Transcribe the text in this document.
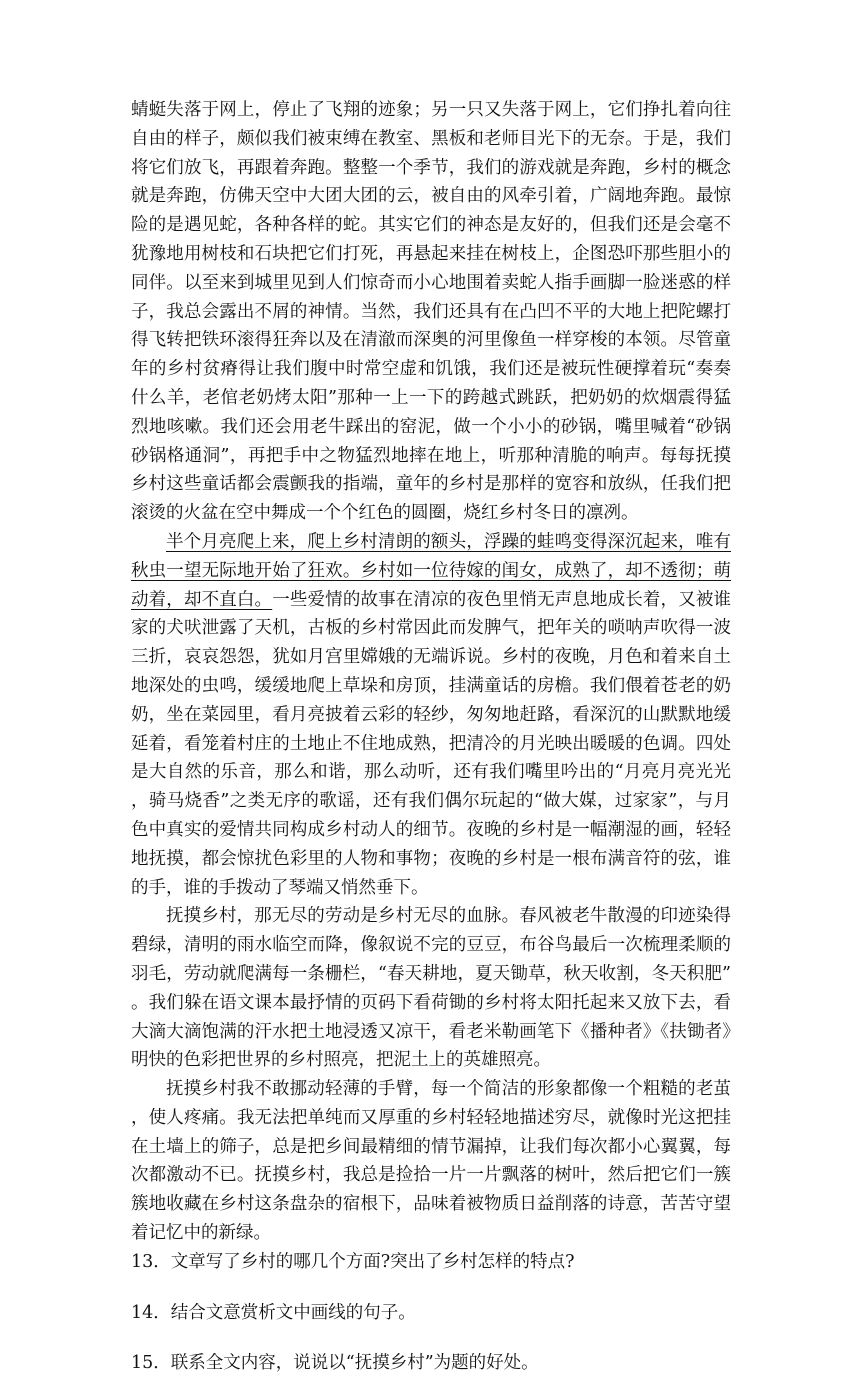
蜻蜓失落于网上，停止了飞翔的迹象；另一只又失落于网上，它们挣扎着向往自由的样子，颇似我们被束缚在教室、黑板和老师目光下的无奈。于是，我们将它们放飞，再跟着奔跑。整整一个季节，我们的游戏就是奔跑，乡村的概念就是奔跑，仿佛天空中大团大团的云，被自由的风牵引着，广阔地奔跑。最惊险的是遇见蛇，各种各样的蛇。其实它们的神态是友好的，但我们还是会毫不犹豫地用树枝和石块把它们打死，再悬起来挂在树枝上，企图恐吓那些胆小的同伴。以至来到城里见到人们惊奇而小心地围着卖蛇人指手画脚一脸迷惑的样子，我总会露出不屑的神情。当然，我们还具有在凸凹不平的大地上把陀螺打得飞转把铁环滚得狂奔以及在清澈而深奥的河里像鱼一样穿梭的本领。尽管童年的乡村贫瘠得让我们腹中时常空虚和饥饿，我们还是被玩性硬撑着玩“奏奏什么羊，老倌老奶烤太阳”那种一上一下的跨越式跳跃，把奶奶的炊烟震得猛烈地咳嗽。我们还会用老牛踩出的窑泥，做一个小小的砂锅，嘴里喊着“砂锅砂锅格通洞”，再把手中之物猛烈地摔在地上，听那种清脆的响声。每每抚摸乡村这些童话都会震颤我的指端，童年的乡村是那样的宽容和放纵，任我们把滚烫的火盆在空中舞成一个个红色的圆圈，烧红乡村冬日的凛冽。

半个月亮爬上来，爬上乡村清朗的额头，浮躁的蛙鸣变得深沉起来，唯有秋虫一望无际地开始了狂欢。乡村如一位待嫁的闺女，成熟了，却不透彻；萌动着，却不直白。一些爱情的故事在清凉的夜色里悄无声息地成长着，又被谁家的犬吠泄露了天机，古板的乡村常因此而发脾气，把年关的唢呐声吹得一波三折，哀哀怨怨，犹如月宫里嫦娥的无端诉说。乡村的夜晚，月色和着来自土地深处的虫鸣，缓缓地爬上草垛和房顶，挂满童话的房檐。我们偎着苍老的奶奶，坐在菜园里，看月亮披着云彩的轻纱，匆匆地赶路，看深沉的山默默地缓延着，看笼着村庄的土地止不住地成熟，把清冷的月光映出暖暖的色调。四处是大自然的乐音，那么和谐，那么动听，还有我们嘴里吟出的“月亮月亮光光，骑马烧香”之类无序的歌谣，还有我们偶尔玩起的“做大媒，过家家”，与月色中真实的爱情共同构成乡村动人的细节。夜晚的乡村是一幅潮湿的画，轻轻地抚摸，都会惊扰色彩里的人物和事物；夜晚的乡村是一根布满音符的弦，谁的手，谁的手拨动了琴端又悄然垂下。

抚摸乡村，那无尽的劳动是乡村无尽的血脉。春风被老牛散漫的印迹染得碧绿，清明的雨水临空而降，像叙说不完的豆豆，布谷鸟最后一次梳理柔顺的羽毛，劳动就爬满每一条栅栏，“春天耕地，夏天锄草，秋天收割，冬天积肥”。我们躲在语文课本最抒情的页码下看荷锄的乡村将太阳托起来又放下去，看大滴大滴饱满的汗水把土地浸透又凉干，看老米勒画笔下《播种者》《扶锄者》明快的色彩把世界的乡村照亮，把泥土上的英雄照亮。

抚摸乡村我不敢挪动轻薄的手臂，每一个简洁的形象都像一个粗糙的老茧，使人疼痛。我无法把单纯而又厚重的乡村轻轻地描述穷尽，就像时光这把挂在土墙上的筛子，总是把乡间最精细的情节漏掉，让我们每次都小心翼翼，每次都激动不已。抚摸乡村，我总是捡拾一片一片飘落的树叶，然后把它们一簇簇地收藏在乡村这条盘杂的宿根下，品味着被物质日益削落的诗意，苦苦守望着记忆中的新绿。

13．文章写了乡村的哪几个方面?突出了乡村怎样的特点?

14．结合文意赏析文中画线的句子。

15．联系全文内容，说说以“抚摸乡村”为题的好处。
